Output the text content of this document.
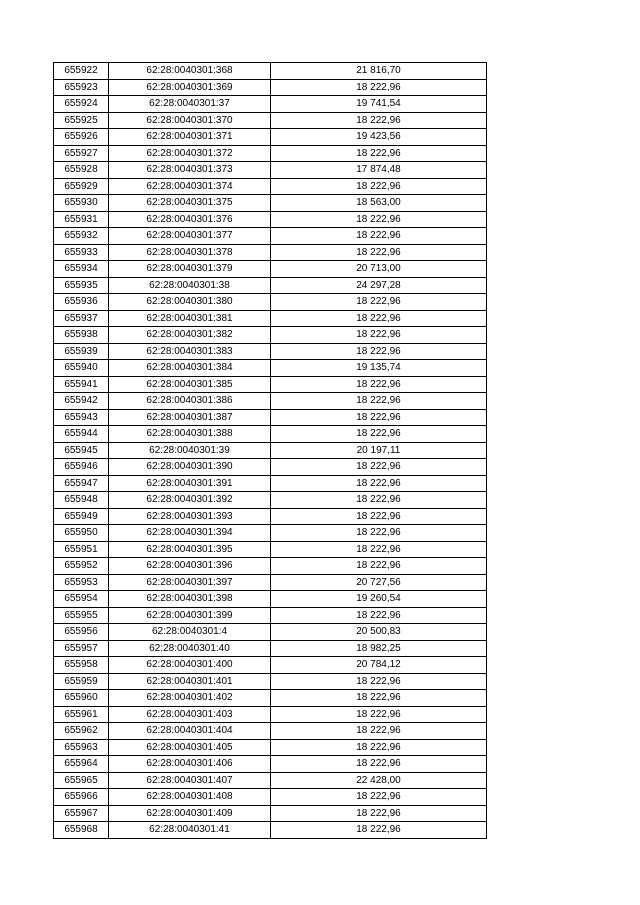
655922	62:28:0040301:368	21 816,70
655923	62:28:0040301:369	18 222,96
655924	62:28:0040301:37	19 741,54
655925	62:28:0040301:370	18 222,96
655926	62:28:0040301:371	19 423,56
655927	62:28:0040301:372	18 222,96
655928	62:28:0040301:373	17 874,48
655929	62:28:0040301:374	18 222,96
655930	62:28:0040301:375	18 563,00
655931	62:28:0040301:376	18 222,96
655932	62:28:0040301:377	18 222,96
655933	62:28:0040301:378	18 222,96
655934	62:28:0040301:379	20 713,00
655935	62:28:0040301:38	24 297,28
655936	62:28:0040301:380	18 222,96
655937	62:28:0040301:381	18 222,96
655938	62:28:0040301:382	18 222,96
655939	62:28:0040301:383	18 222,96
655940	62:28:0040301:384	19 135,74
655941	62:28:0040301:385	18 222,96
655942	62:28:0040301:386	18 222,96
655943	62:28:0040301:387	18 222,96
655944	62:28:0040301:388	18 222,96
655945	62:28:0040301:39	20 197,11
655946	62:28:0040301:390	18 222,96
655947	62:28:0040301:391	18 222,96
655948	62:28:0040301:392	18 222,96
655949	62:28:0040301:393	18 222,96
655950	62:28:0040301:394	18 222,96
655951	62:28:0040301:395	18 222,96
655952	62:28:0040301:396	18 222,96
655953	62:28:0040301:397	20 727,56
655954	62:28:0040301:398	19 260,54
655955	62:28:0040301:399	18 222,96
655956	62:28:0040301:4	20 500,83
655957	62:28:0040301:40	18 982,25
655958	62:28:0040301:400	20 784,12
655959	62:28:0040301:401	18 222,96
655960	62:28:0040301:402	18 222,96
655961	62:28:0040301:403	18 222,96
655962	62:28:0040301:404	18 222,96
655963	62:28:0040301:405	18 222,96
655964	62:28:0040301:406	18 222,96
655965	62:28:0040301:407	22 428,00
655966	62:28:0040301:408	18 222,96
655967	62:28:0040301:409	18 222,96
655968	62:28:0040301:41	18 222,96
